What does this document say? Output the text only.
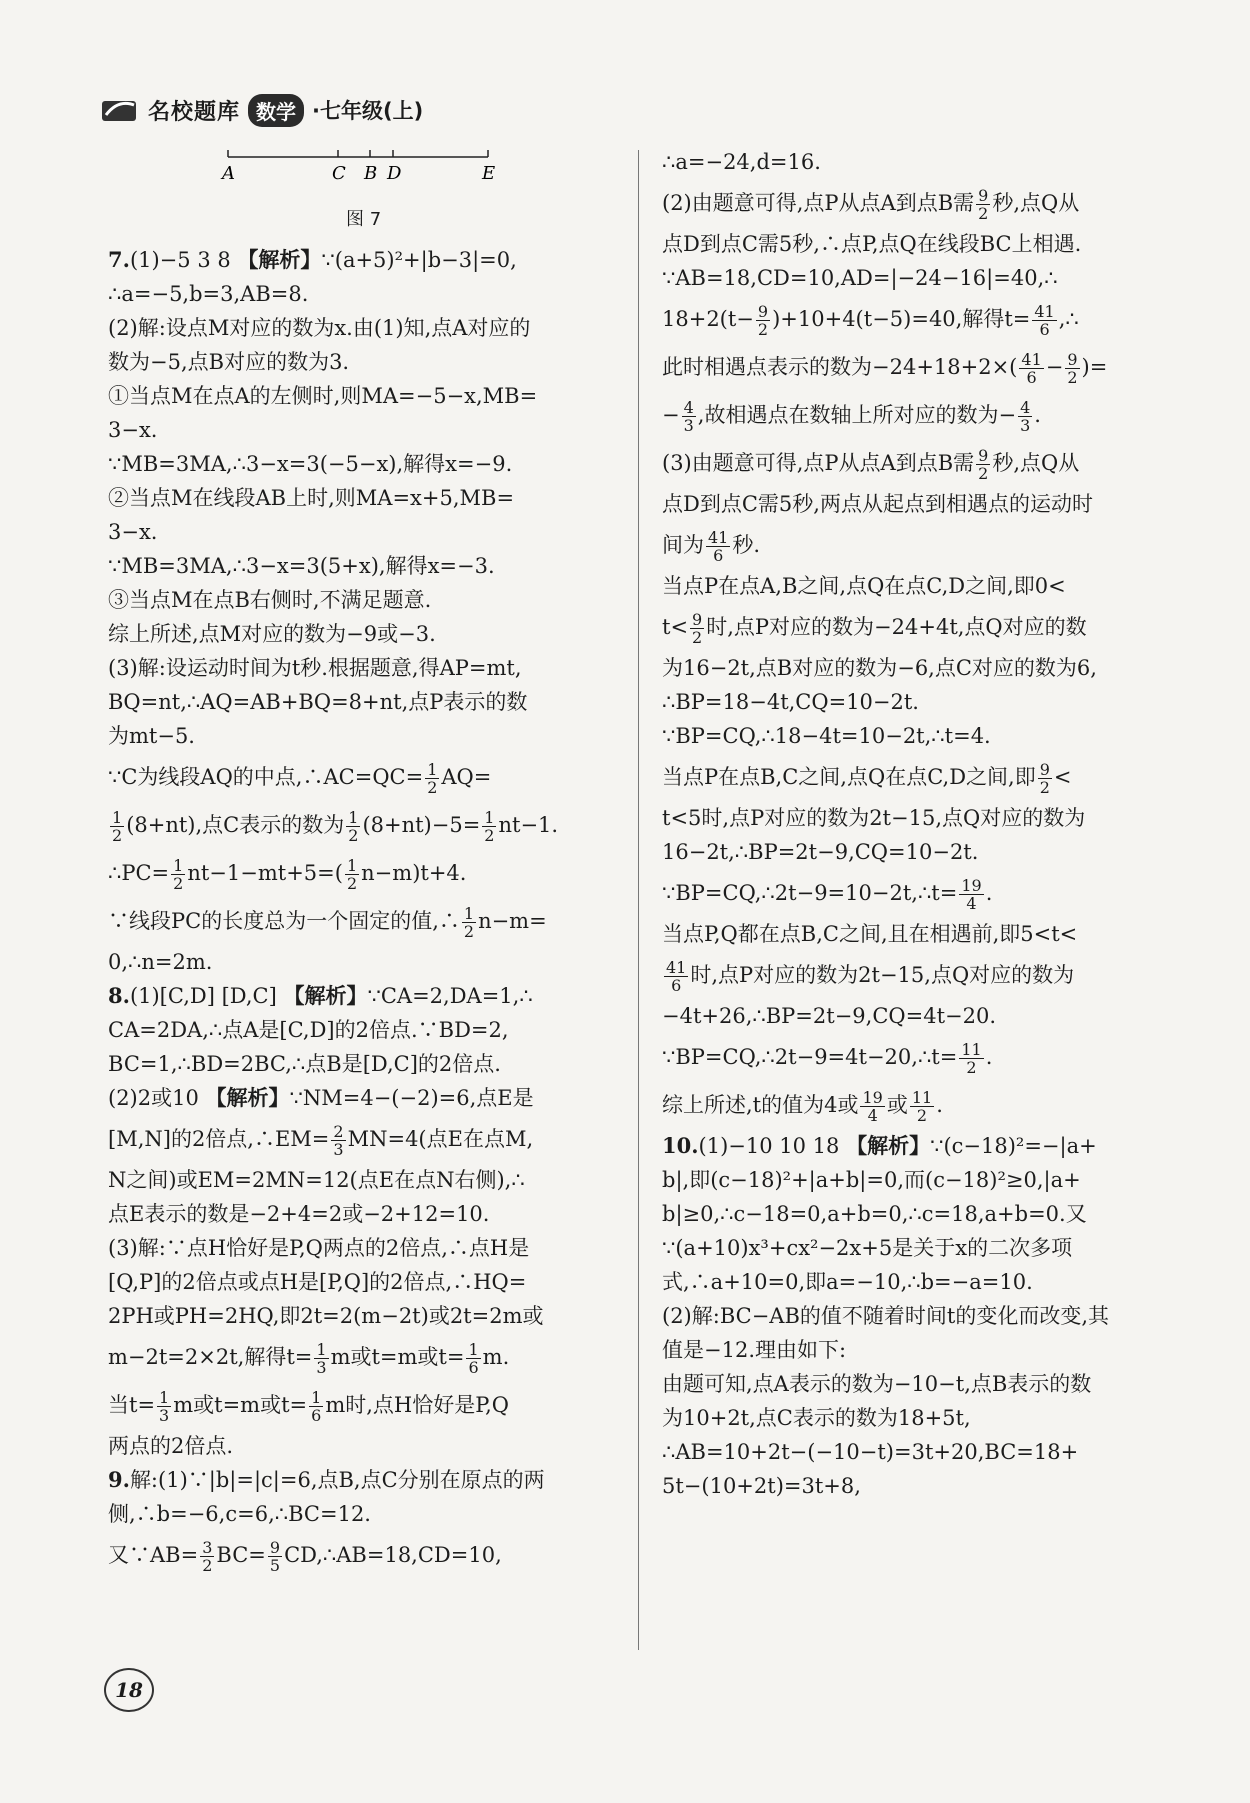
名校题库 数学 ·七年级(上)
A	C B D	E
图 7

7.(1)−5 3 8 【解析】∵(a+5)²+|b−3|=0,

∴a=−5,b=3,AB=8.

(2)解:设点M对应的数为x.由(1)知,点A对应的

数为−5,点B对应的数为3.

①当点M在点A的左侧时,则MA=−5−x,MB=

3−x.

∵MB=3MA,∴3−x=3(−5−x),解得x=−9.

②当点M在线段AB上时,则MA=x+5,MB=

3−x.

∵MB=3MA,∴3−x=3(5+x),解得x=−3.

③当点M在点B右侧时,不满足题意.

综上所述,点M对应的数为−9或−3.

(3)解:设运动时间为t秒.根据题意,得AP=mt,

BQ=nt,∴AQ=AB+BQ=8+nt,点P表示的数

为mt−5.

∵C为线段AQ的中点,∴AC=QC= $\frac{1}{2} AQ=$

$\frac{1}{2} (8+nt)$,点C表示的数为 $\frac{1}{2} (8+nt)-5= \frac{1}{2} nt-1$.

∴PC= $\frac{1}{2} nt-1-mt+5=( \frac{1}{2} n-m)t+4$.

∵线段PC的长度总为一个固定的值,∴ $\frac{1}{2} n-m=$

0,∴n=2m.

8.(1)[C,D] [D,C] 【解析】∵CA=2,DA=1,∴

CA=2DA,∴点A是[C,D]的2倍点.∵BD=2,

BC=1,∴BD=2BC,∴点B是[D,C]的2倍点.

(2)2或10 【解析】∵NM=4−(−2)=6,点E是

[M,N]的2倍点,∴EM= $\frac{2}{3} MN=4$(点E在点M,

N之间)或EM=2MN=12(点E在点N右侧),∴

点E表示的数是−2+4=2或−2+12=10.

(3)解:∵点H恰好是P,Q两点的2倍点,∴点H是

[Q,P]的2倍点或点H是[P,Q]的2倍点,∴HQ=

2PH或PH=2HQ,即2t=2(m−2t)或2t=2m或

m−2t=2×2t,解得$t= \frac{1}{3}$ m或t=m或$t= \frac{1}{6} m$.

当$t= \frac{1}{3}$ m或t=m或$t= \frac{1}{6}$ m时,点H恰好是P,Q

两点的2倍点.

9.解:(1)∵|b|=|c|=6,点B,点C分别在原点的两

侧,∴b=−6,c=6,∴BC=12.

又∵AB= $\frac{3}{2} BC= \frac{9}{5}$ CD,∴AB=18,CD=10,

∴a=−24,d=16.

(2)由题意可得,点P从点A到点B需 $\frac{9}{2}$ 秒,点Q从

点D到点C需5秒,∴点P,点Q在线段BC上相遇.

∵AB=18,CD=10,AD=|−24−16|=40,∴

$18+2(t- \frac{9}{2} )+10+4(t-5)=40$,解得$t= \frac{41}{6}$ ,∴

此时相遇点表示的数为$-24+18+2\times( \frac{41}{6} - \frac{9}{2}$ )=

− $\frac{4}{3}$ ,故相遇点在数轴上所对应的数为− $\frac{4}{3}$ .

(3)由题意可得,点P从点A到点B需 $\frac{9}{2}$ 秒,点Q从

点D到点C需5秒,两点从起点到相遇点的运动时

间为 $\frac{41}{6}$ 秒.

当点P在点A,B之间,点Q在点C,D之间,即0<

$t< \frac{9}{2}$ 时,点P对应的数为−24+4t,点Q对应的数

为16−2t,点B对应的数为−6,点C对应的数为6,

∴BP=18−4t,CQ=10−2t.

∵BP=CQ,∴18−4t=10−2t,∴t=4.

当点P在点B,C之间,点Q在点C,D之间,即 $\frac{9}{2}$ <

t<5时,点P对应的数为2t−15,点Q对应的数为

16−2t,∴BP=2t−9,CQ=10−2t.

∵BP=CQ,∴2t−9=10−2t,∴t= $\frac{19}{4}$ .

当点P,Q都在点B,C之间,且在相遇前,即5<t<

$\frac{41}{6}$ 时,点P对应的数为2t−15,点Q对应的数为

−4t+26,∴BP=2t−9,CQ=4t−20.

∵BP=CQ,∴2t−9=4t−20,∴t= $\frac{11}{2}$ .

综上所述,t的值为4或 $\frac{19}{4}$ 或 $\frac{11}{2}$ .

10.(1)−10 10 18 【解析】∵(c−18)²=−|a+

b|,即(c−18)²+|a+b|=0,而(c−18)²≥0,|a+

b|≥0,∴c−18=0,a+b=0,∴c=18,a+b=0.又

∵(a+10)x³+cx²−2x+5是关于x的二次多项

式,∴a+10=0,即a=−10,∴b=−a=10.

(2)解:BC−AB的值不随着时间t的变化而改变,其

值是−12.理由如下:

由题可知,点A表示的数为−10−t,点B表示的数

为10+2t,点C表示的数为18+5t,

∴AB=10+2t−(−10−t)=3t+20,BC=18+

5t−(10+2t)=3t+8,

18
